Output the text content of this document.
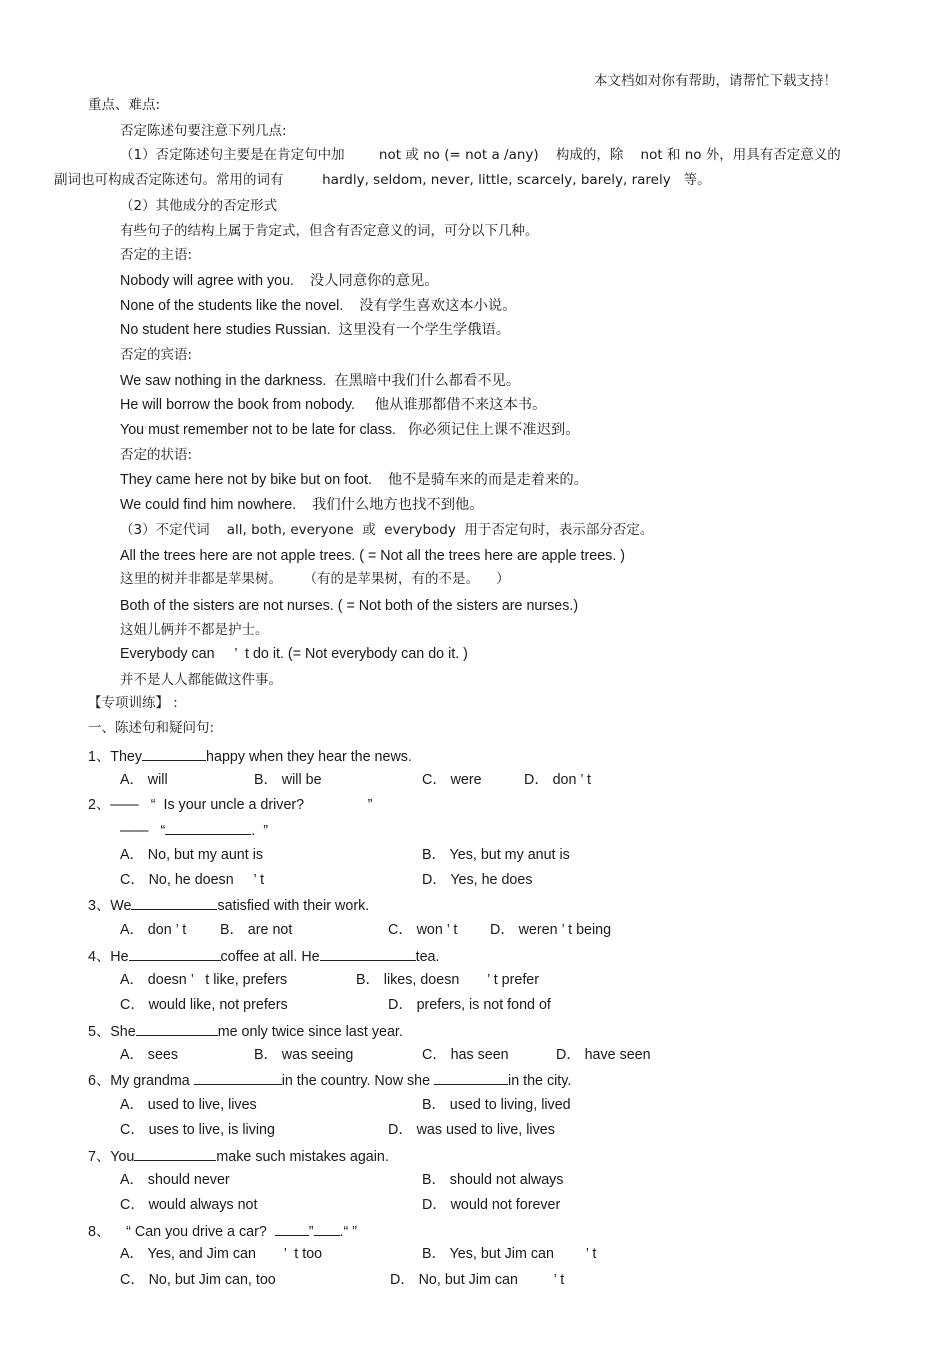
本文档如对你有帮助，请帮忙下载支持！
重点、难点:
否定陈述句要注意下列几点:
（1）否定陈述句主要是在肯定句中加        not 或 no (= not a /any)    构成的，除    not 和 no 外，用具有否定意义的
副词也可构成否定陈述句。常用的词有         hardly, seldom, never, little, scarcely, barely, rarely   等。
（2）其他成分的否定形式
有些句子的结构上属于肯定式，但含有否定意义的词，可分以下几种。
否定的主语:
Nobody will agree with you.    没人同意你的意见。
None of the students like the novel.    没有学生喜欢这本小说。
No student here studies Russian.  这里没有一个学生学俄语。
否定的宾语:
We saw nothing in the darkness.  在黑暗中我们什么都看不见。
He will borrow the book from nobody.     他从谁那都借不来这本书。
You must remember not to be late for class.   你必须记住上课不准迟到。
否定的状语:
They came here not by bike but on foot.    他不是骑车来的而是走着来的。
We could find him nowhere.    我们什么地方也找不到他。
（3）不定代词    all, both, everyone  或  everybody  用于否定句时，表示部分否定。
All the trees here are not apple trees. ( = Not all the trees here are apple trees. )
这里的树并非都是苹果树。     （有的是苹果树，有的不是。    ）
Both of the sisters are not nurses. ( = Not both of the sisters are nurses.)
这姐儿俩并不都是护士。
Everybody can     ’  t do it. (= Not everybody can do it. )
并不是人人都能做这件事。
【专项训练】 :
一、陈述句和疑问句:
1、They	happy when they hear the news.
A． will	B． will be	C． were	D． don ’ t
2、——   “  Is your uncle a driver?                ”
——   “	.  ”
A． No, but my aunt is	B． Yes, but my anut is
C． No, he doesn     ’ t	D． Yes, he does
3、We	satisfied with their work.
A． don ’ t B． are not	C． won ’ t D． weren ’ t being
4、He	coffee at all. He	tea.
A． doesn ’   t like, prefers	B． likes, doesn       ’ t prefer
C． would like, not prefers	D． prefers, is not fond of
5、She	me only twice since last year.
A． sees	B． was seeing	C． has seen	D． have seen
6、My grandma	in the country. Now she	in the city.
A． used to live, lives	B． used to living, lived
C． uses to live, is living	D． was used to live, lives
7、You	make such mistakes again.
A． should never	B． should not always
C． would always not	D． would not forever
8、 “ Can you drive a car?  ” .“ ”
A． Yes, and Jim can       ’  t too	B． Yes, but Jim can        ’ t
C． No, but Jim can, too	D． No, but Jim can         ’ t
